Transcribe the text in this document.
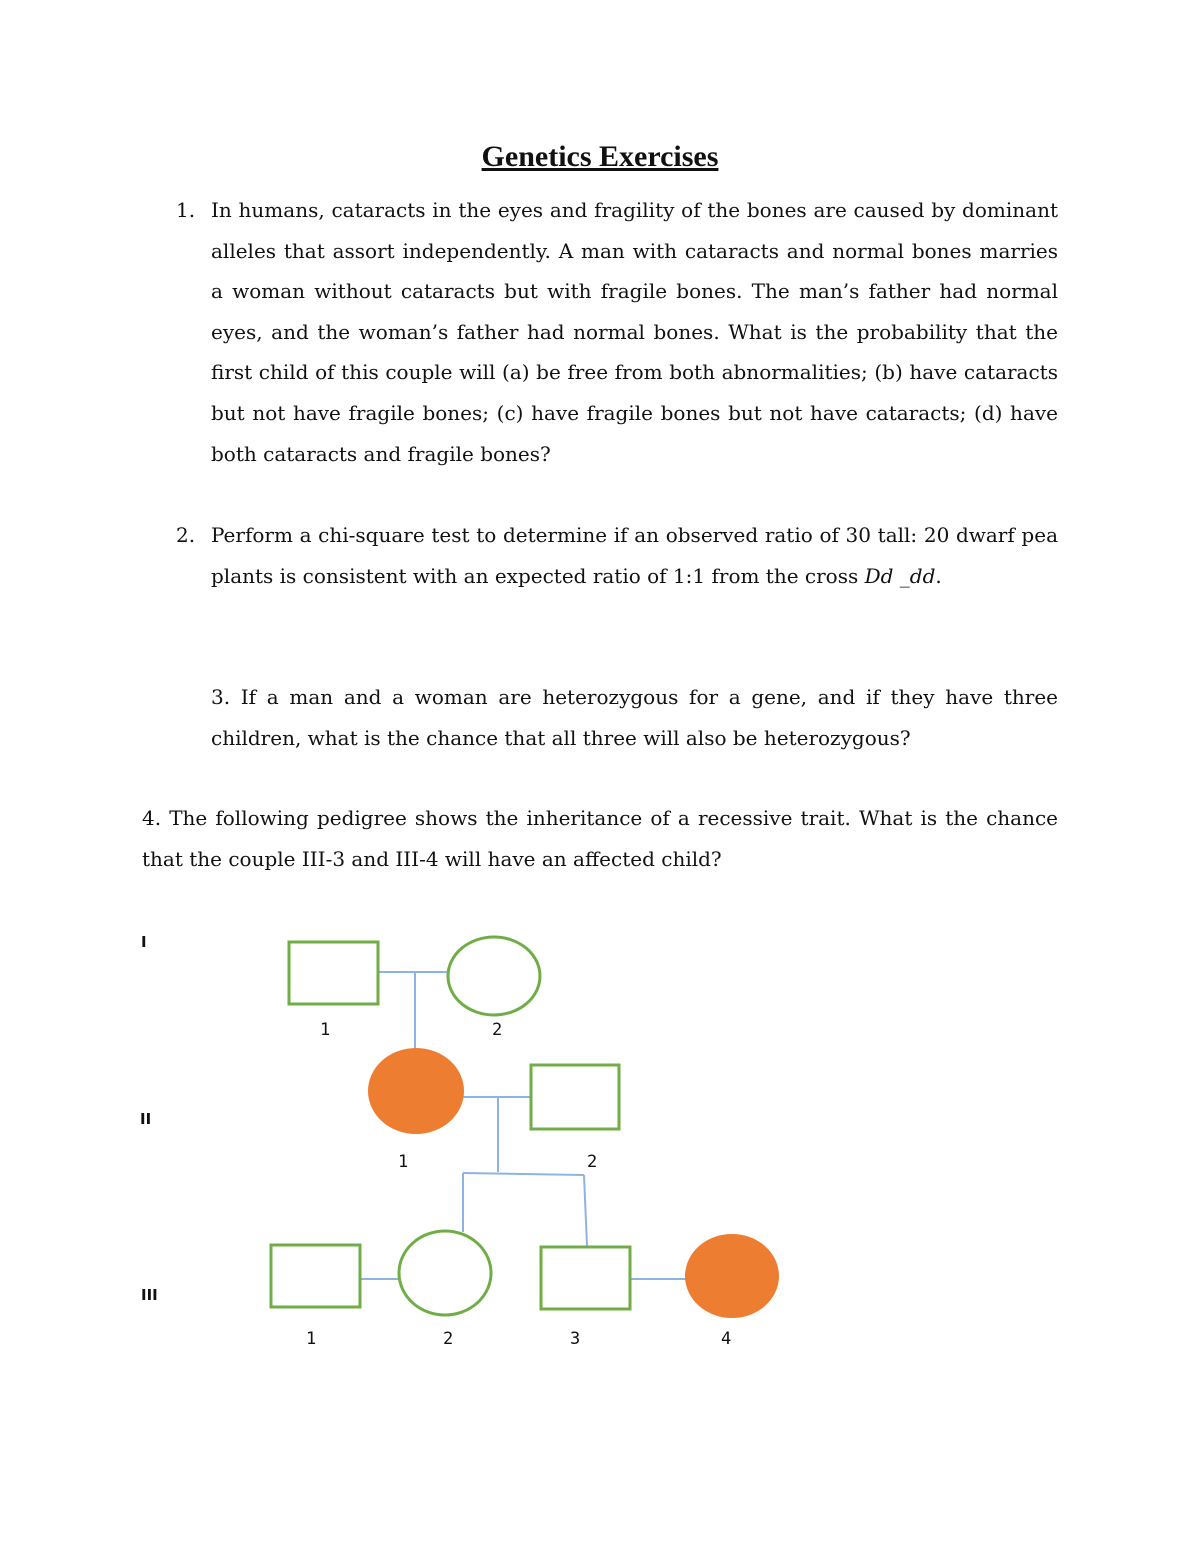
Genetics Exercises
1. In humans, cataracts in the eyes and fragility of the bones are caused by dominant alleles that assort independently. A man with cataracts and normal bones marries a woman without cataracts but with fragile bones. The man’s father had normal eyes, and the woman’s father had normal bones. What is the probability that the first child of this couple will (a) be free from both abnormalities; (b) have cataracts but not have fragile bones; (c) have fragile bones but not have cataracts; (d) have both cataracts and fragile bones?
2. Perform a chi-square test to determine if an observed ratio of 30 tall: 20 dwarf pea plants is consistent with an expected ratio of 1:1 from the cross Dd _dd.
3. If a man and a woman are heterozygous for a gene, and if they have three children, what is the chance that all three will also be heterozygous?
4. The following pedigree shows the inheritance of a recessive trait. What is the chance that the couple III-3 and III-4 will have an affected child?
I
II
III
1	2
1	2
1	2	3	4
